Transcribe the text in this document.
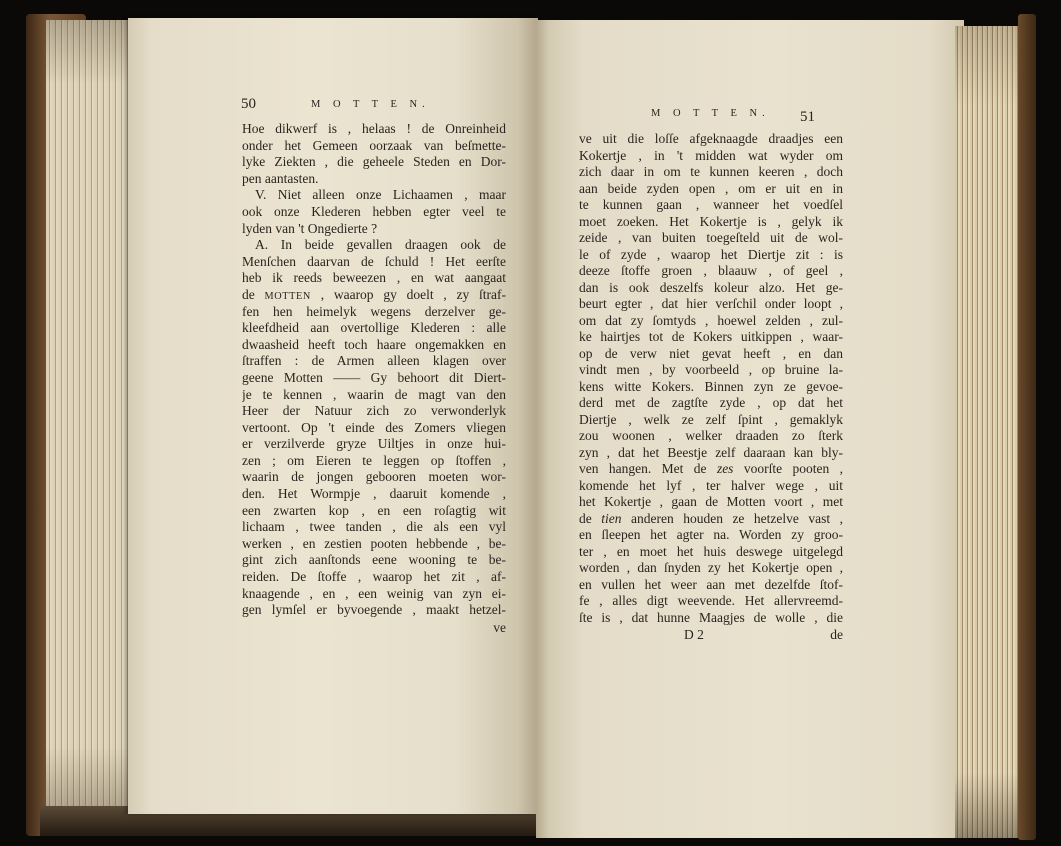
50	M O T T E N.
Hoe dikwerf is , helaas ! de Onreinheid
onder het Gemeen oorzaak van beſmette-
lyke Ziekten , die geheele Steden en Dor-
pen aantasten.
V. Niet alleen onze Lichaamen , maar
ook onze Klederen hebben egter veel te
lyden van 't Ongedierte ?
A. In beide gevallen draagen ook de
Menſchen daarvan de ſchuld ! Het eerſte
heb ik reeds beweezen , en wat aangaat
de MOTTEN , waarop gy doelt , zy ſtraf-
fen hen heimelyk wegens derzelver ge-
kleefdheid aan overtollige Klederen : alle
dwaasheid heeft toch haare ongemakken en
ſtraffen : de Armen alleen klagen over
geene Motten —— Gy behoort dit Diert-
je te kennen , waarin de magt van den
Heer der Natuur zich zo verwonderlyk
vertoont. Op 't einde des Zomers vliegen
er verzilverde gryze Uiltjes in onze hui-
zen ; om Eieren te leggen op ſtoffen ,
waarin de jongen gebooren moeten wor-
den. Het Wormpje , daaruit komende ,
een zwarten kop , en een roſagtig wit
lichaam , twee tanden , die als een vyl
werken , en zestien pooten hebbende , be-
gint zich aanſtonds eene wooning te be-
reiden. De ſtoffe , waarop het zit , af-
knaagende , en , een weinig van zyn ei-
gen lymſel er byvoegende , maakt hetzel-
ve
M O T T E N. 51
ve uit die loſſe afgeknaagde draadjes een
Kokertje , in 't midden wat wyder om
zich daar in om te kunnen keeren , doch
aan beide zyden open , om er uit en in
te kunnen gaan , wanneer het voedſel
moet zoeken. Het Kokertje is , gelyk ik
zeide , van buiten toegeſteld uit de wol-
le of zyde , waarop het Diertje zit : is
deeze ſtoffe groen , blaauw , of geel ,
dan is ook deszelfs koleur alzo. Het ge-
beurt egter , dat hier verſchil onder loopt ,
om dat zy ſomtyds , hoewel zelden , zul-
ke hairtjes tot de Kokers uitkippen , waar-
op de verw niet gevat heeft , en dan
vindt men , by voorbeeld , op bruine la-
kens witte Kokers. Binnen zyn ze gevoe-
derd met de zagtſte zyde , op dat het
Diertje , welk ze zelf ſpint , gemaklyk
zou woonen , welker draaden zo ſterk
zyn , dat het Beestje zelf daaraan kan bly-
ven hangen. Met de zes voorſte pooten ,
komende het lyf , ter halver wege , uit
het Kokertje , gaan de Motten voort , met
de tien anderen houden ze hetzelve vast ,
en ſleepen het agter na. Worden zy groo-
ter , en moet het huis deswege uitgelegd
worden , dan ſnyden zy het Kokertje open ,
en vullen het weer aan met dezelfde ſtof-
fe , alles digt weevende. Het allervreemd-
ſte is , dat hunne Maagjes de wolle , die
D 2	de
